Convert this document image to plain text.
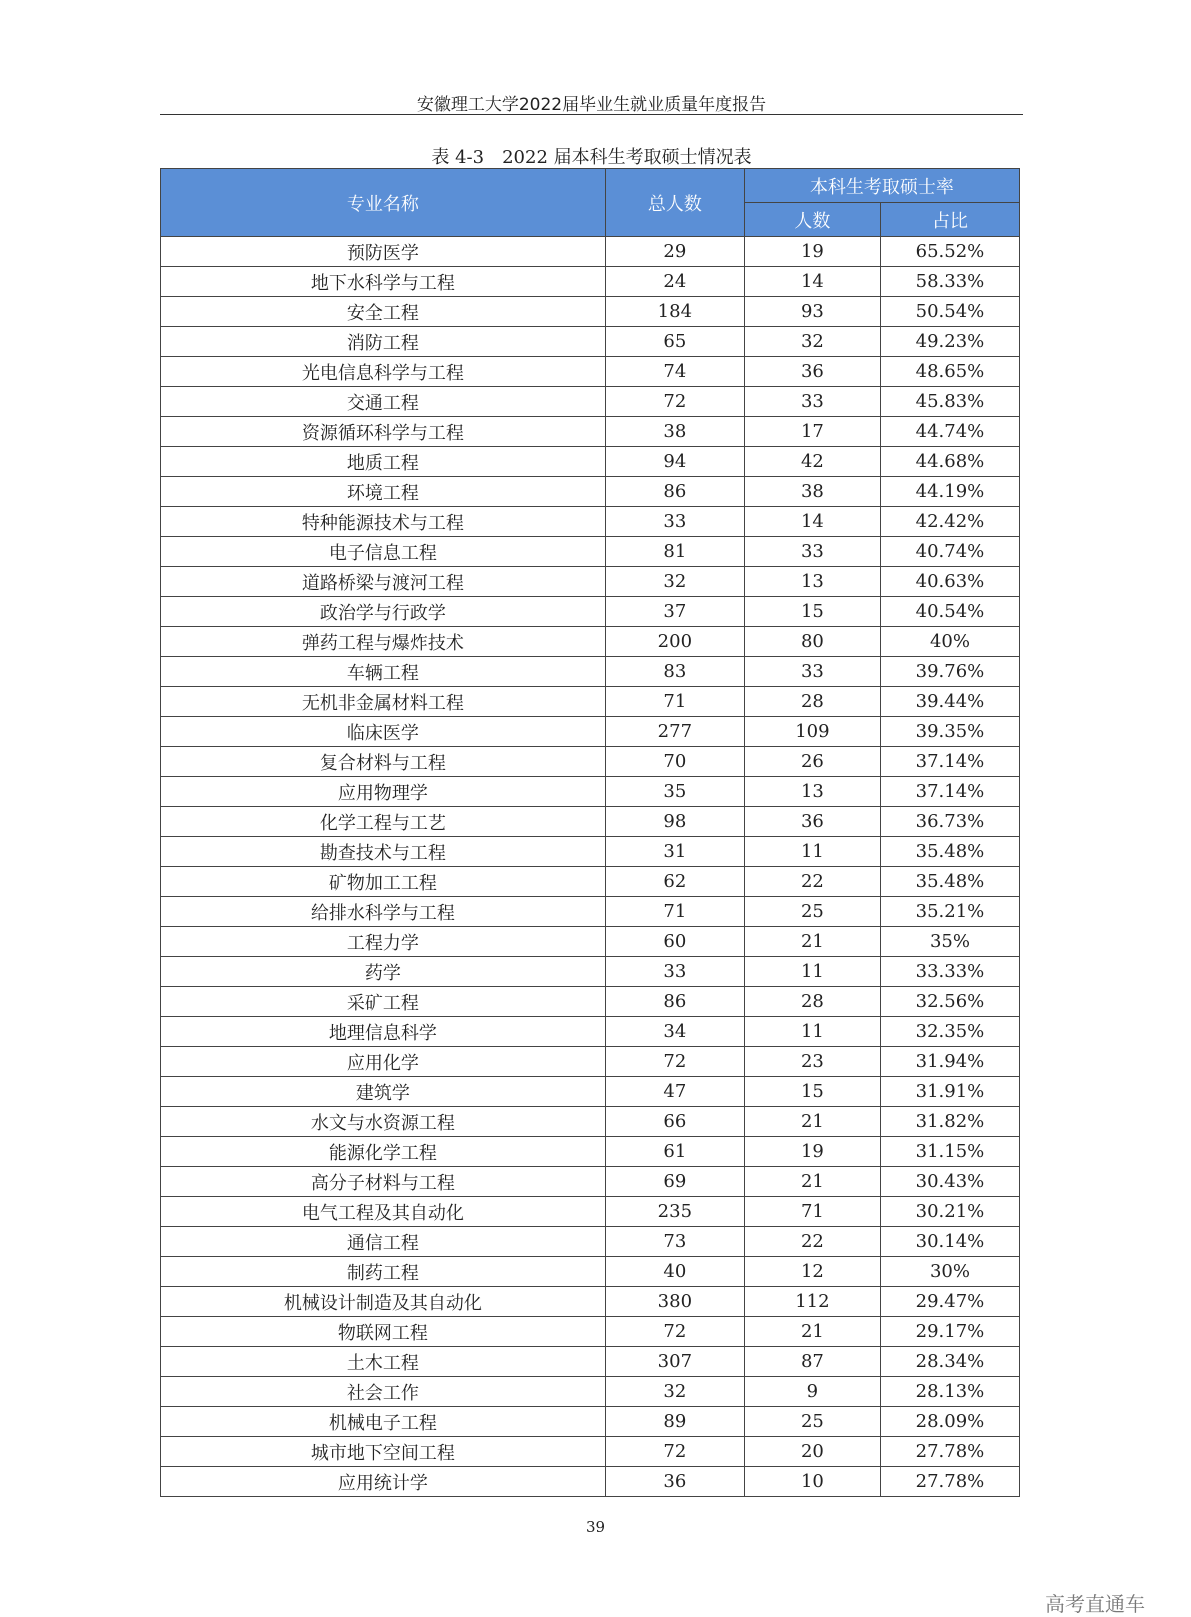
安徽理工大学2022届毕业生就业质量年度报告
表 4-3　2022 届本科生考取硕士情况表
专业名称	总人数	本科生考取硕士率	
		人数	占比
预防医学	29	19	65.52%
地下水科学与工程	24	14	58.33%
安全工程	184	93	50.54%
消防工程	65	32	49.23%
光电信息科学与工程	74	36	48.65%
交通工程	72	33	45.83%
资源循环科学与工程	38	17	44.74%
地质工程	94	42	44.68%
环境工程	86	38	44.19%
特种能源技术与工程	33	14	42.42%
电子信息工程	81	33	40.74%
道路桥梁与渡河工程	32	13	40.63%
政治学与行政学	37	15	40.54%
弹药工程与爆炸技术	200	80	40%
车辆工程	83	33	39.76%
无机非金属材料工程	71	28	39.44%
临床医学	277	109	39.35%
复合材料与工程	70	26	37.14%
应用物理学	35	13	37.14%
化学工程与工艺	98	36	36.73%
勘查技术与工程	31	11	35.48%
矿物加工工程	62	22	35.48%
给排水科学与工程	71	25	35.21%
工程力学	60	21	35%
药学	33	11	33.33%
采矿工程	86	28	32.56%
地理信息科学	34	11	32.35%
应用化学	72	23	31.94%
建筑学	47	15	31.91%
水文与水资源工程	66	21	31.82%
能源化学工程	61	19	31.15%
高分子材料与工程	69	21	30.43%
电气工程及其自动化	235	71	30.21%
通信工程	73	22	30.14%
制药工程	40	12	30%
机械设计制造及其自动化	380	112	29.47%
物联网工程	72	21	29.17%
土木工程	307	87	28.34%
社会工作	32	9	28.13%
机械电子工程	89	25	28.09%
城市地下空间工程	72	20	27.78%
应用统计学	36	10	27.78%
39
高考直通车
